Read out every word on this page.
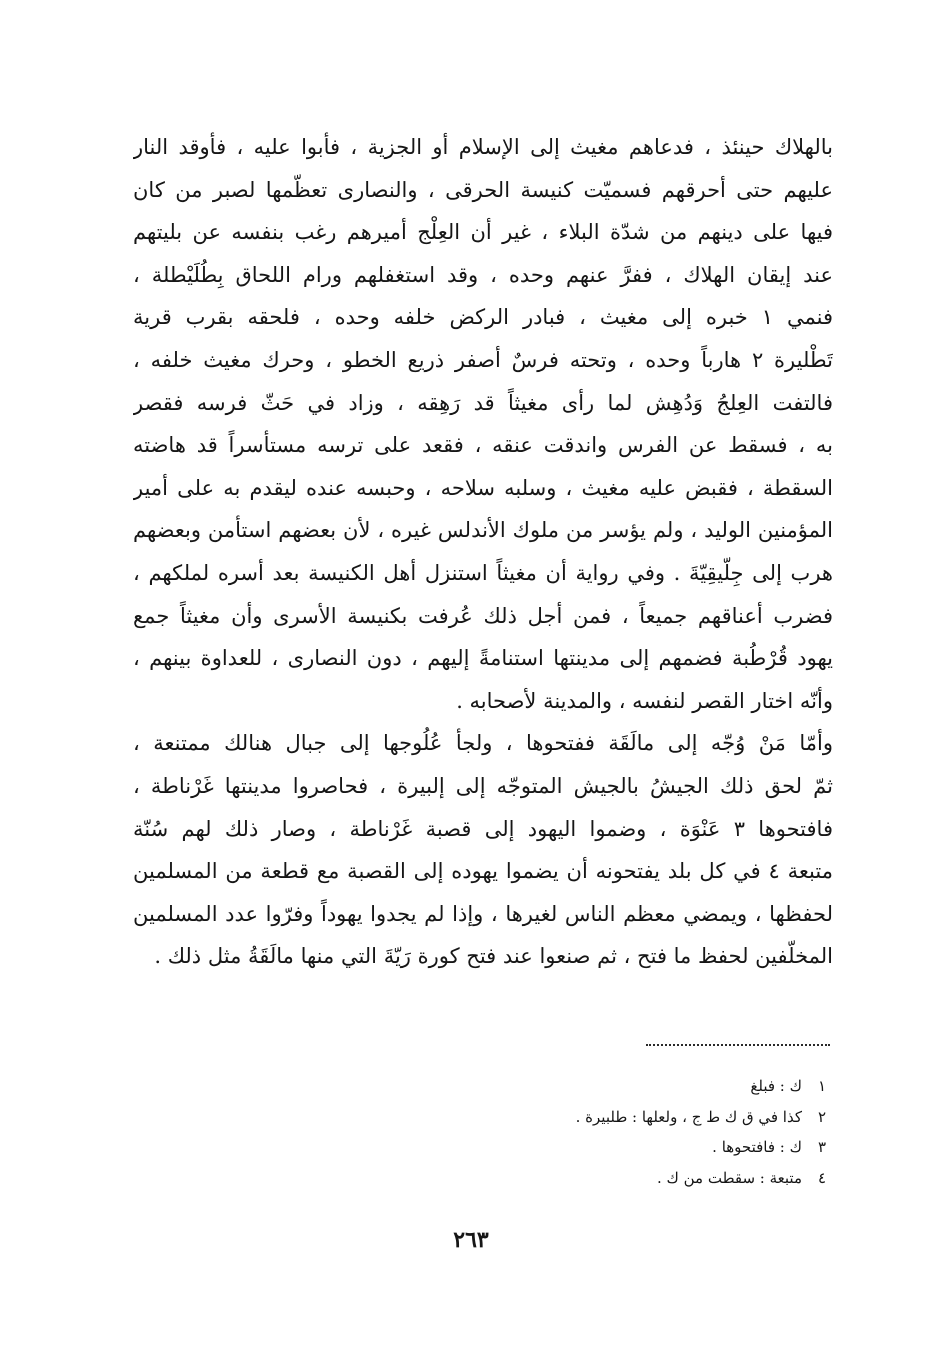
بالهلاك حينئذ ، فدعاهم مغيث إلى الإسلام أو الجزية ، فأبوا عليه ، فأوقد النار
عليهم حتى أحرقهم فسميّت كنيسة الحرقى ، والنصارى تعظّمها لصبر من كان
فيها على دينهم من شدّة البلاء ، غير أن العِلْج أميرهم رغب بنفسه عن بليتهم
عند إيقان الهلاك ، ففرَّ عنهم وحده ، وقد استغفلهم ورام اللحاق بِطُلَيْطلة ،
فنمي ١ خبره إلى مغيث ، فبادر الركض خلفه وحده ، فلحقه بقرب قرية
تَطْليرة ٢ هارباً وحده ، وتحته فرسٌ أصفر ذريع الخطو ، وحرك مغيث خلفه ،
فالتفت العِلجُ وَدُهِش لما رأى مغيثاً قد رَهِقه ، وزاد في حَثّ فرسه فقصر
به ، فسقط عن الفرس واندقت عنقه ، فقعد على ترسه مستأسراً قد هاضته
السقطة ، فقبض عليه مغيث ، وسلبه سلاحه ، وحبسه عنده ليقدم به على أمير
المؤمنين الوليد ، ولم يؤسر من ملوك الأندلس غيره ، لأن بعضهم استأمن وبعضهم
هرب إلى جِلّيقِيّةَ . وفي رواية أن مغيثاً استنزل أهل الكنيسة بعد أسره لملكهم ،
فضرب أعناقهم جميعاً ، فمن أجل ذلك عُرفت بكنيسة الأسرى وأن مغيثاً جمع
يهود قُرْطُبة فضمهم إلى مدينتها استنامةً إليهم ، دون النصارى ، للعداوة بينهم ،
وأنّه اختار القصر لنفسه ، والمدينة لأصحابه .
وأمّا مَنْ وُجّه إلى مالَقَة ففتحوها ، ولجأ عُلُوجها إلى جبال هنالك ممتنعة ،
ثمّ لحق ذلك الجيشُ بالجيش المتوجّه إلى إلبيرة ، فحاصروا مدينتها غَرْناطة ،
فافتحوها ٣ عَنْوَة ، وضموا اليهود إلى قصبة غَرْناطة ، وصار ذلك لهم سُنّة
متبعة ٤ في كل بلد يفتحونه أن يضموا يهوده إلى القصبة مع قطعة من المسلمين
لحفظها ، ويمضي معظم الناس لغيرها ، وإذا لم يجدوا يهوداً وفرّوا عدد المسلمين
المخلّفين لحفظ ما فتح ، ثم صنعوا عند فتح كورة رَيّةَ التي منها مالَقَةُ مثل ذلك .
١
ك : فبلغ
٢
كذا في ق ك ط ج ، ولعلها : طلبيرة .
٣
ك : فافتحوها .
٤
متبعة : سقطت من ك .
٢٦٣
